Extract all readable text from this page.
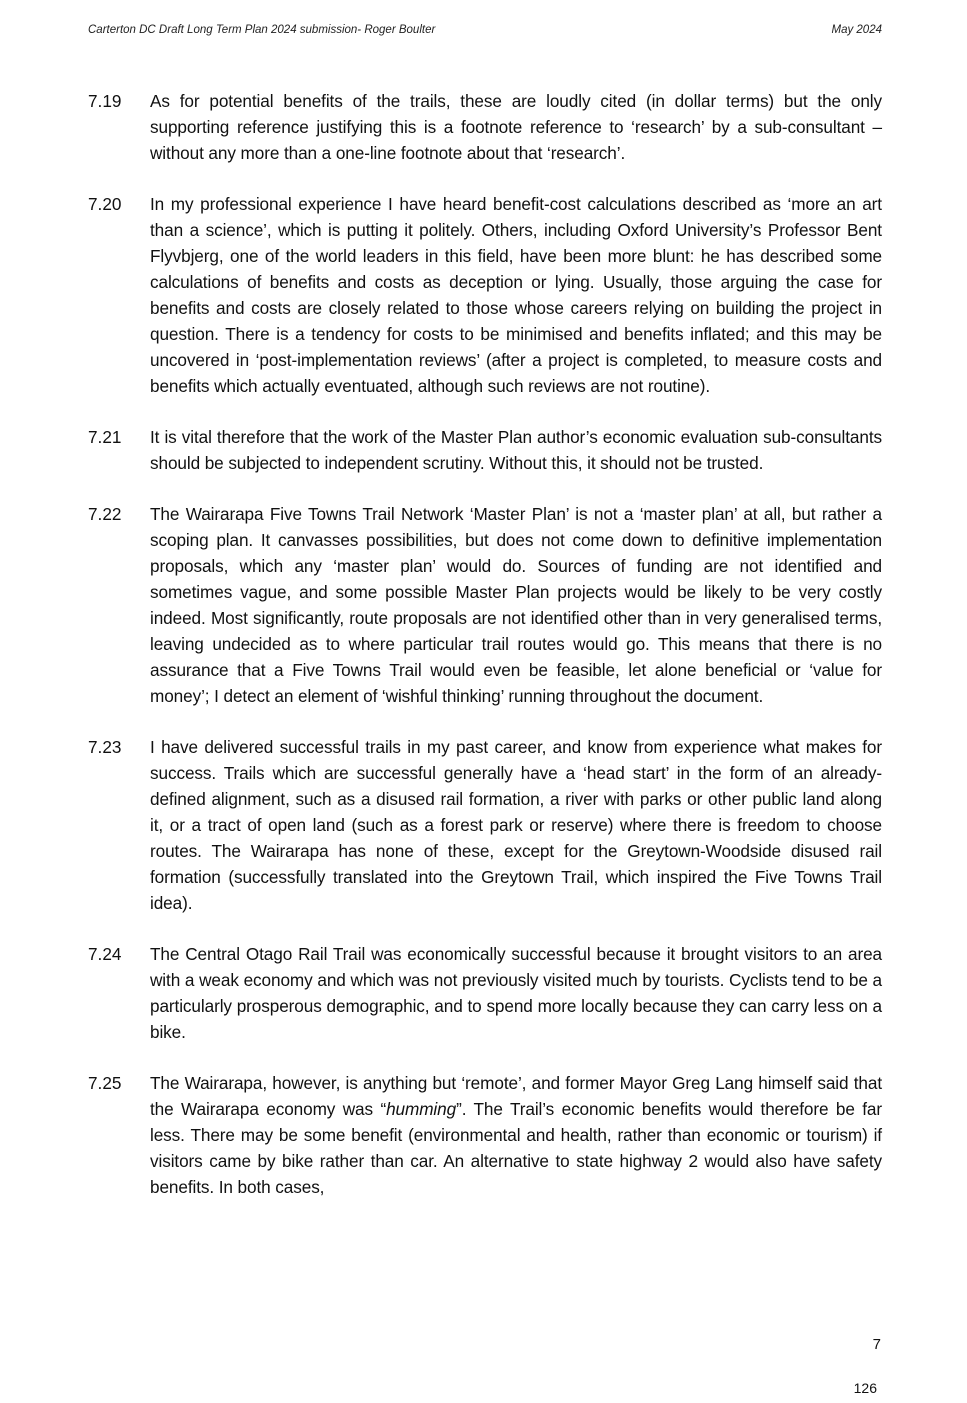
Carterton DC Draft Long Term Plan 2024 submission- Roger Boulter	May 2024
7.19	As for potential benefits of the trails, these are loudly cited (in dollar terms) but the only supporting reference justifying this is a footnote reference to ‘research’ by a sub-consultant – without any more than a one-line footnote about that ‘research’.
7.20	In my professional experience I have heard benefit-cost calculations described as ‘more an art than a science’, which is putting it politely. Others, including Oxford University’s Professor Bent Flyvbjerg, one of the world leaders in this field, have been more blunt: he has described some calculations of benefits and costs as deception or lying. Usually, those arguing the case for benefits and costs are closely related to those whose careers relying on building the project in question. There is a tendency for costs to be minimised and benefits inflated; and this may be uncovered in ‘post-implementation reviews’ (after a project is completed, to measure costs and benefits which actually eventuated, although such reviews are not routine).
7.21	It is vital therefore that the work of the Master Plan author’s economic evaluation sub-consultants should be subjected to independent scrutiny. Without this, it should not be trusted.
7.22	The Wairarapa Five Towns Trail Network ‘Master Plan’ is not a ‘master plan’ at all, but rather a scoping plan. It canvasses possibilities, but does not come down to definitive implementation proposals, which any ‘master plan’ would do. Sources of funding are not identified and sometimes vague, and some possible Master Plan projects would be likely to be very costly indeed. Most significantly, route proposals are not identified other than in very generalised terms, leaving undecided as to where particular trail routes would go. This means that there is no assurance that a Five Towns Trail would even be feasible, let alone beneficial or ‘value for money’; I detect an element of ‘wishful thinking’ running throughout the document.
7.23	I have delivered successful trails in my past career, and know from experience what makes for success. Trails which are successful generally have a ‘head start’ in the form of an already-defined alignment, such as a disused rail formation, a river with parks or other public land along it, or a tract of open land (such as a forest park or reserve) where there is freedom to choose routes. The Wairarapa has none of these, except for the Greytown-Woodside disused rail formation (successfully translated into the Greytown Trail, which inspired the Five Towns Trail idea).
7.24	The Central Otago Rail Trail was economically successful because it brought visitors to an area with a weak economy and which was not previously visited much by tourists. Cyclists tend to be a particularly prosperous demographic, and to spend more locally because they can carry less on a bike.
7.25	The Wairarapa, however, is anything but ‘remote’, and former Mayor Greg Lang himself said that the Wairarapa economy was “humming”. The Trail’s economic benefits would therefore be far less. There may be some benefit (environmental and health, rather than economic or tourism) if visitors came by bike rather than car. An alternative to state highway 2 would also have safety benefits. In both cases,
7
126
